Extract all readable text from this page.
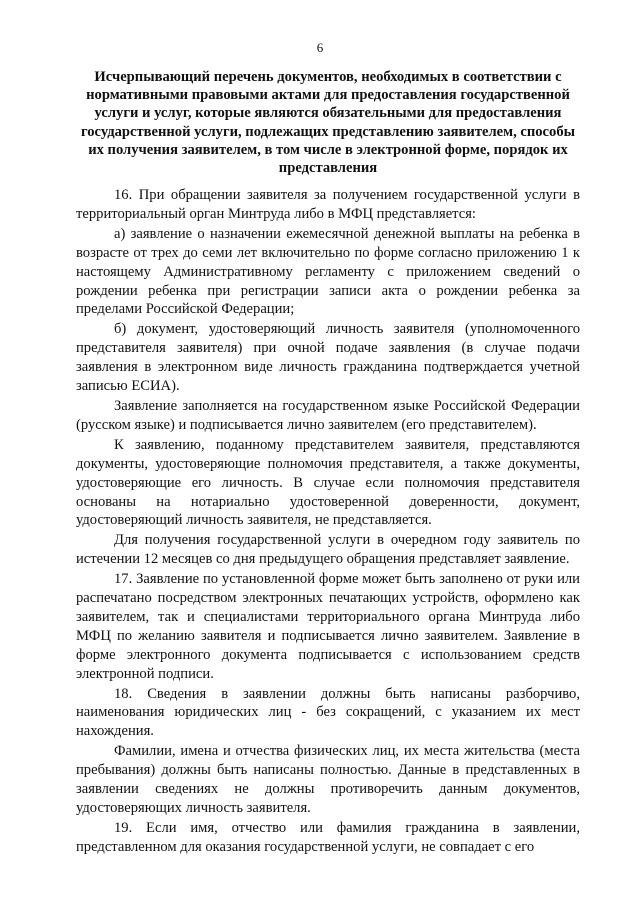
6
Исчерпывающий перечень документов, необходимых в соответствии с нормативными правовыми актами для предоставления государственной услуги и услуг, которые являются обязательными для предоставления государственной услуги, подлежащих представлению заявителем, способы их получения заявителем, в том числе в электронной форме, порядок их представления

16. При обращении заявителя за получением государственной услуги в территориальный орган Минтруда либо в МФЦ представляется:

а) заявление о назначении ежемесячной денежной выплаты на ребенка в возрасте от трех до семи лет включительно по форме согласно приложению 1 к настоящему Административному регламенту с приложением сведений о рождении ребенка при регистрации записи акта о рождении ребенка за пределами Российской Федерации;

б) документ, удостоверяющий личность заявителя (уполномоченного представителя заявителя) при очной подаче заявления (в случае подачи заявления в электронном виде личность гражданина подтверждается учетной записью ЕСИА).

Заявление заполняется на государственном языке Российской Федерации (русском языке) и подписывается лично заявителем (его представителем).

К заявлению, поданному представителем заявителя, представляются документы, удостоверяющие полномочия представителя, а также документы, удостоверяющие его личность. В случае если полномочия представителя основаны на нотариально удостоверенной доверенности, документ, удостоверяющий личность заявителя, не представляется.

Для получения государственной услуги в очередном году заявитель по истечении 12 месяцев со дня предыдущего обращения представляет заявление.

17. Заявление по установленной форме может быть заполнено от руки или распечатано посредством электронных печатающих устройств, оформлено как заявителем, так и специалистами территориального органа Минтруда либо МФЦ по желанию заявителя и подписывается лично заявителем. Заявление в форме электронного документа подписывается с использованием средств электронной подписи.

18. Сведения в заявлении должны быть написаны разборчиво, наименования юридических лиц - без сокращений, с указанием их мест нахождения.

Фамилии, имена и отчества физических лиц, их места жительства (места пребывания) должны быть написаны полностью. Данные в представленных в заявлении сведениях не должны противоречить данным документов, удостоверяющих личность заявителя.

19. Если имя, отчество или фамилия гражданина в заявлении, представленном для оказания государственной услуги, не совпадает с его
